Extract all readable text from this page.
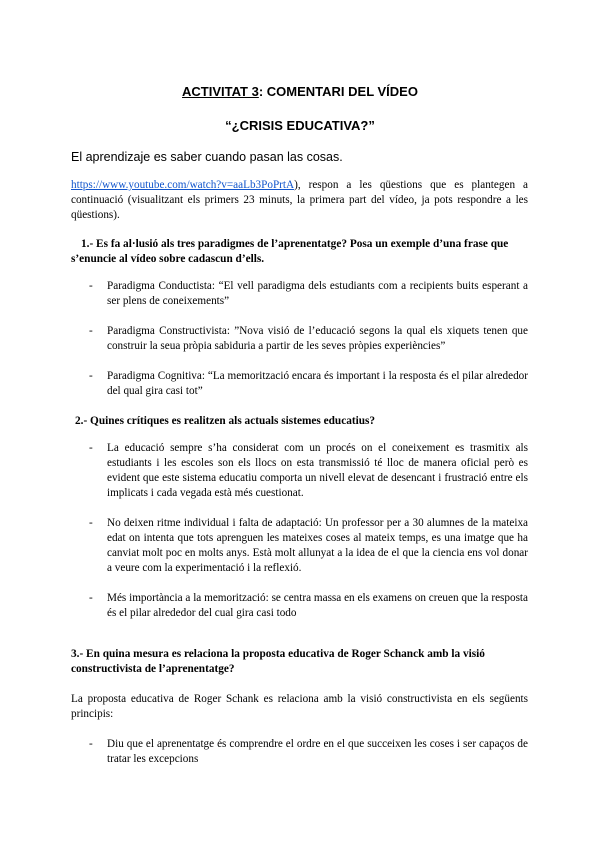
ACTIVITAT 3: COMENTARI DEL VÍDEO
“¿CRISIS EDUCATIVA?”
El aprendizaje es saber cuando pasan las cosas.
https://www.youtube.com/watch?v=aaLb3PoPrtA), respon a les qüestions que es plantegen a continuació (visualitzant els primers 23 minuts, la primera part del vídeo, ja pots respondre a les qüestions).
1.- Es fa al·lusió als tres paradigmes de l’aprenentatge? Posa un exemple d’una frase que s’enuncie al vídeo sobre cadascun d’ells.
- Paradigma Conductista: “El vell paradigma dels estudiants com a recipients buits esperant a ser plens de coneixements”
- Paradigma Constructivista: ”Nova visió de l’educació segons la qual els xiquets tenen que construir la seua pròpia sabiduria a partir de les seves pròpies experiències”
- Paradigma Cognitiva: “La memorització encara és important i la resposta és el pilar alrededor del qual gira casi tot”
2.- Quines crítiques es realitzen als actuals sistemes educatius?
- La educació sempre s’ha considerat com un procés on el coneixement es trasmitix als estudiants i les escoles son els llocs on esta transmissió té lloc de manera oficial però es evident que este sistema educatiu comporta un nivell elevat de desencant i frustració entre els implicats i cada vegada està més cuestionat.
- No deixen ritme individual i falta de adaptació: Un professor per a 30 alumnes de la mateixa edat on intenta que tots aprenguen les mateixes coses al mateix temps, es una imatge que ha canviat molt poc en molts anys. Està molt allunyat a la idea de el que la ciencia ens vol donar a veure com la experimentació i la reflexió.
- Més importància a la memorització: se centra massa en els examens on creuen que la resposta és el pilar alrededor del cual gira casi todo
3.- En quina mesura es relaciona la proposta educativa de Roger Schanck amb la visió constructivista de l’aprenentatge?
La proposta educativa de Roger Schank es relaciona amb la visió constructivista en els següents principis:
- Diu que el aprenentatge és comprendre el ordre en el que succeixen les coses i ser capaços de tratar les excepcions
